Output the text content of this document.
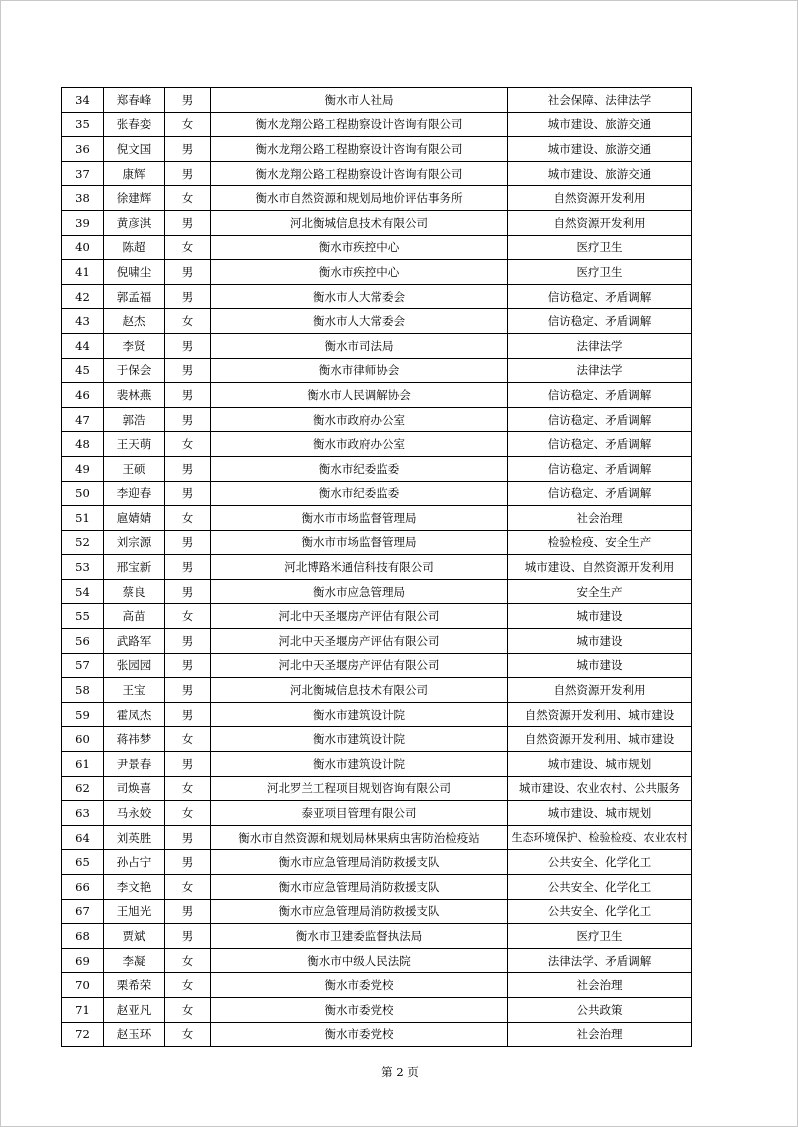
34	郑春峰	男	衡水市人社局	社会保障、法律法学
35	张春娈	女	衡水龙翔公路工程勘察设计咨询有限公司	城市建设、旅游交通
36	倪文国	男	衡水龙翔公路工程勘察设计咨询有限公司	城市建设、旅游交通
37	康辉	男	衡水龙翔公路工程勘察设计咨询有限公司	城市建设、旅游交通
38	徐建辉	女	衡水市自然资源和规划局地价评估事务所	自然资源开发利用
39	黄彦淇	男	河北衡城信息技术有限公司	自然资源开发利用
40	陈超	女	衡水市疾控中心	医疗卫生
41	倪啸尘	男	衡水市疾控中心	医疗卫生
42	郭孟福	男	衡水市人大常委会	信访稳定、矛盾调解
43	赵杰	女	衡水市人大常委会	信访稳定、矛盾调解
44	李贤	男	衡水市司法局	法律法学
45	于保会	男	衡水市律师协会	法律法学
46	裴林燕	男	衡水市人民调解协会	信访稳定、矛盾调解
47	郭浩	男	衡水市政府办公室	信访稳定、矛盾调解
48	王天萌	女	衡水市政府办公室	信访稳定、矛盾调解
49	王硕	男	衡水市纪委监委	信访稳定、矛盾调解
50	李迎春	男	衡水市纪委监委	信访稳定、矛盾调解
51	扈婧婧	女	衡水市市场监督管理局	社会治理
52	刘宗源	男	衡水市市场监督管理局	检验检疫、安全生产
53	邢宝新	男	河北博路米通信科技有限公司	城市建设、自然资源开发利用
54	蔡良	男	衡水市应急管理局	安全生产
55	高苗	女	河北中天圣堰房产评估有限公司	城市建设
56	武路军	男	河北中天圣堰房产评估有限公司	城市建设
57	张园园	男	河北中天圣堰房产评估有限公司	城市建设
58	王宝	男	河北衡城信息技术有限公司	自然资源开发利用
59	霍凤杰	男	衡水市建筑设计院	自然资源开发利用、城市建设
60	蒋祎梦	女	衡水市建筑设计院	自然资源开发利用、城市建设
61	尹景春	男	衡水市建筑设计院	城市建设、城市规划
62	司焕喜	女	河北罗兰工程项目规划咨询有限公司	城市建设、农业农村、公共服务
63	马永姣	女	泰亚项目管理有限公司	城市建设、城市规划
64	刘英胜	男	衡水市自然资源和规划局林果病虫害防治检疫站	生态环境保护、检验检疫、农业农村
65	孙占宁	男	衡水市应急管理局消防救援支队	公共安全、化学化工
66	李文艳	女	衡水市应急管理局消防救援支队	公共安全、化学化工
67	王旭光	男	衡水市应急管理局消防救援支队	公共安全、化学化工
68	贾斌	男	衡水市卫建委监督执法局	医疗卫生
69	李凝	女	衡水市中级人民法院	法律法学、矛盾调解
70	栗希荣	女	衡水市委党校	社会治理
71	赵亚凡	女	衡水市委党校	公共政策
72	赵玉环	女	衡水市委党校	社会治理
第 2 页
